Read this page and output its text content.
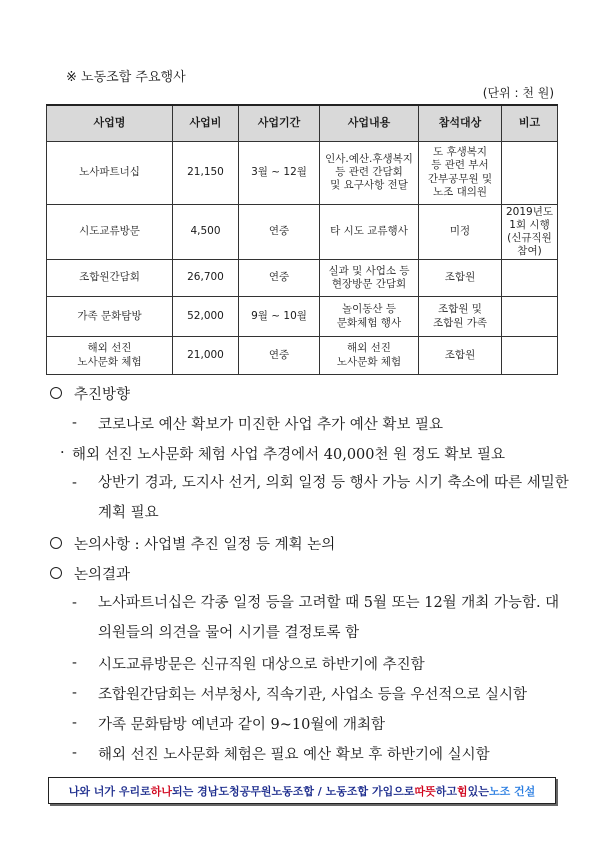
※ 노동조합 주요행사
(단위 : 천 원)
사업명	사업비	사업기간	사업내용	참석대상	비고
노사파트너십	21,150	3월 ~ 12월	인사.예산.후생복지
등 관련 간담회
및 요구사항 전달	도 후생복지
등 관련 부서
간부공무원 및
노조 대의원	
시도교류방문	4,500	연중	타 시도 교류행사	미정	2019년도
1회 시행
(신규직원
참여)
조합원간담회	26,700	연중	실과 및 사업소 등
현장방문 간담회	조합원	
가족 문화탐방	52,000	9월 ~ 10월	놀이동산 등
문화체험 행사	조합원 및
조합원 가족	
해외 선진
노사문화 체험	21,000	연중	해외 선진
노사문화 체험	조합원	
추진방향
-	코로나로 예산 확보가 미진한 사업 추가 예산 확보 필요
· 해외 선진 노사문화 체험 사업 추경에서 40,000천 원 정도 확보 필요
-	상반기 경과, 도지사 선거, 의회 일정 등 행사 가능 시기 축소에 따른 세밀한 계획 필요
논의사항 : 사업별 추진 일정 등 계획 논의
논의결과
-	노사파트너십은 각종 일정 등을 고려할 때 5월 또는 12월 개최 가능함. 대의원들의 의견을 물어 시기를 결정토록 함
-	시도교류방문은 신규직원 대상으로 하반기에 추진함
-	조합원간담회는 서부청사, 직속기관, 사업소 등을 우선적으로 실시함
-	가족 문화탐방 예년과 같이 9~10월에 개최함
-	해외 선진 노사문화 체험은 필요 예산 확보 후 하반기에 실시함
나와 너가 우리로 하나 되는 경남도청공무원노동조합 / 노동조합 가입으로 따뜻 하고 힘 있는 노조 건설
